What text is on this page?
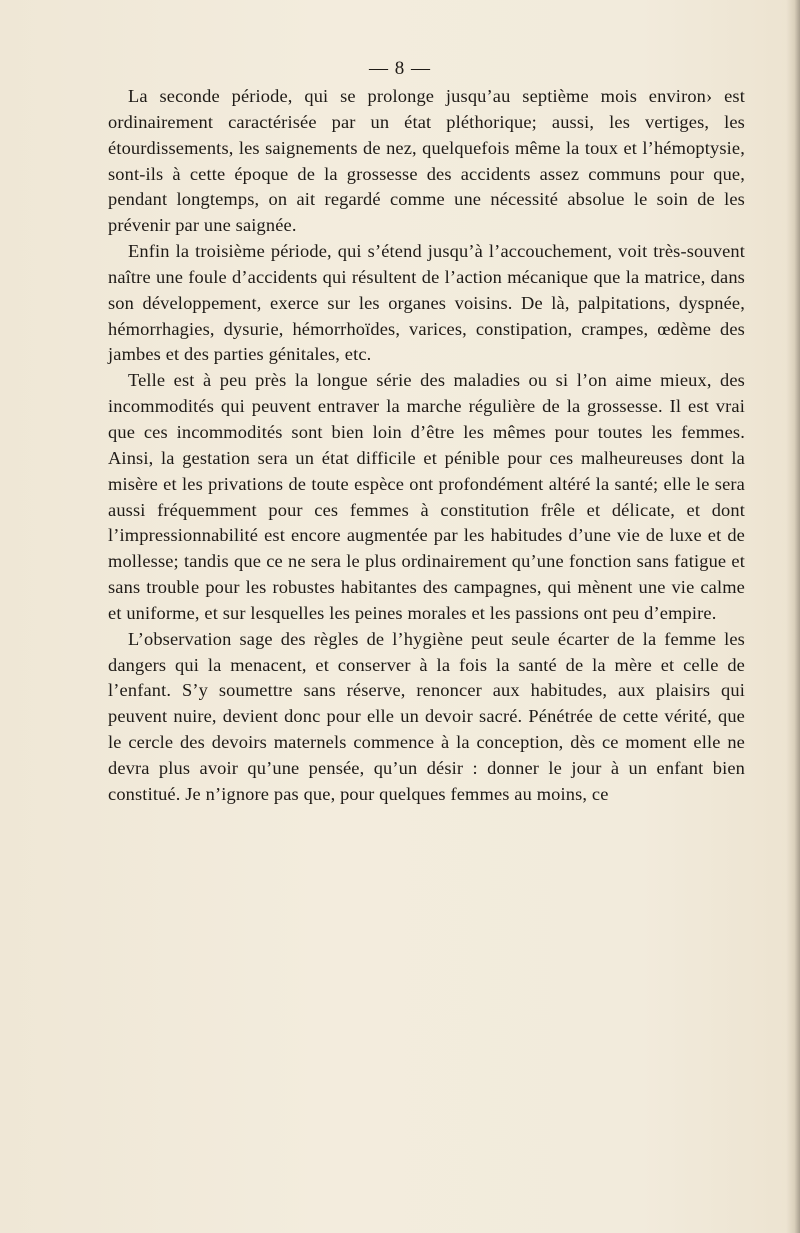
— 8 —

La seconde période, qui se prolonge jusqu’au septième mois environ› est ordinairement caractérisée par un état pléthorique; aussi, les vertiges, les étourdissements, les saignements de nez, quelquefois même la toux et l’hémoptysie, sont-ils à cette époque de la grossesse des accidents assez communs pour que, pendant longtemps, on ait regardé comme une nécessité absolue le soin de les prévenir par une saignée.

Enfin la troisième période, qui s’étend jusqu’à l’accouchement, voit très-souvent naître une foule d’accidents qui résultent de l’action mécanique que la matrice, dans son développement, exerce sur les organes voisins. De là, palpitations, dyspnée, hémorrhagies, dysurie, hémorrhoïdes, varices, constipation, crampes, œdème des jambes et des parties génitales, etc.

Telle est à peu près la longue série des maladies ou si l’on aime mieux, des incommodités qui peuvent entraver la marche régulière de la grossesse. Il est vrai que ces incommodités sont bien loin d’être les mêmes pour toutes les femmes. Ainsi, la gestation sera un état difficile et pénible pour ces malheureuses dont la misère et les privations de toute espèce ont profondément altéré la santé; elle le sera aussi fréquemment pour ces femmes à constitution frêle et délicate, et dont l’impressionnabilité est encore augmentée par les habitudes d’une vie de luxe et de mollesse; tandis que ce ne sera le plus ordinairement qu’une fonction sans fatigue et sans trouble pour les robustes habitantes des campagnes, qui mènent une vie calme et uniforme, et sur lesquelles les peines morales et les passions ont peu d’empire.

L’observation sage des règles de l’hygiène peut seule écarter de la femme les dangers qui la menacent, et conserver à la fois la santé de la mère et celle de l’enfant. S’y soumettre sans réserve, renoncer aux habitudes, aux plaisirs qui peuvent nuire, devient donc pour elle un devoir sacré. Pénétrée de cette vérité, que le cercle des devoirs maternels commence à la conception, dès ce moment elle ne devra plus avoir qu’une pensée, qu’un désir : donner le jour à un enfant bien constitué. Je n’ignore pas que, pour quelques femmes au moins, ce
